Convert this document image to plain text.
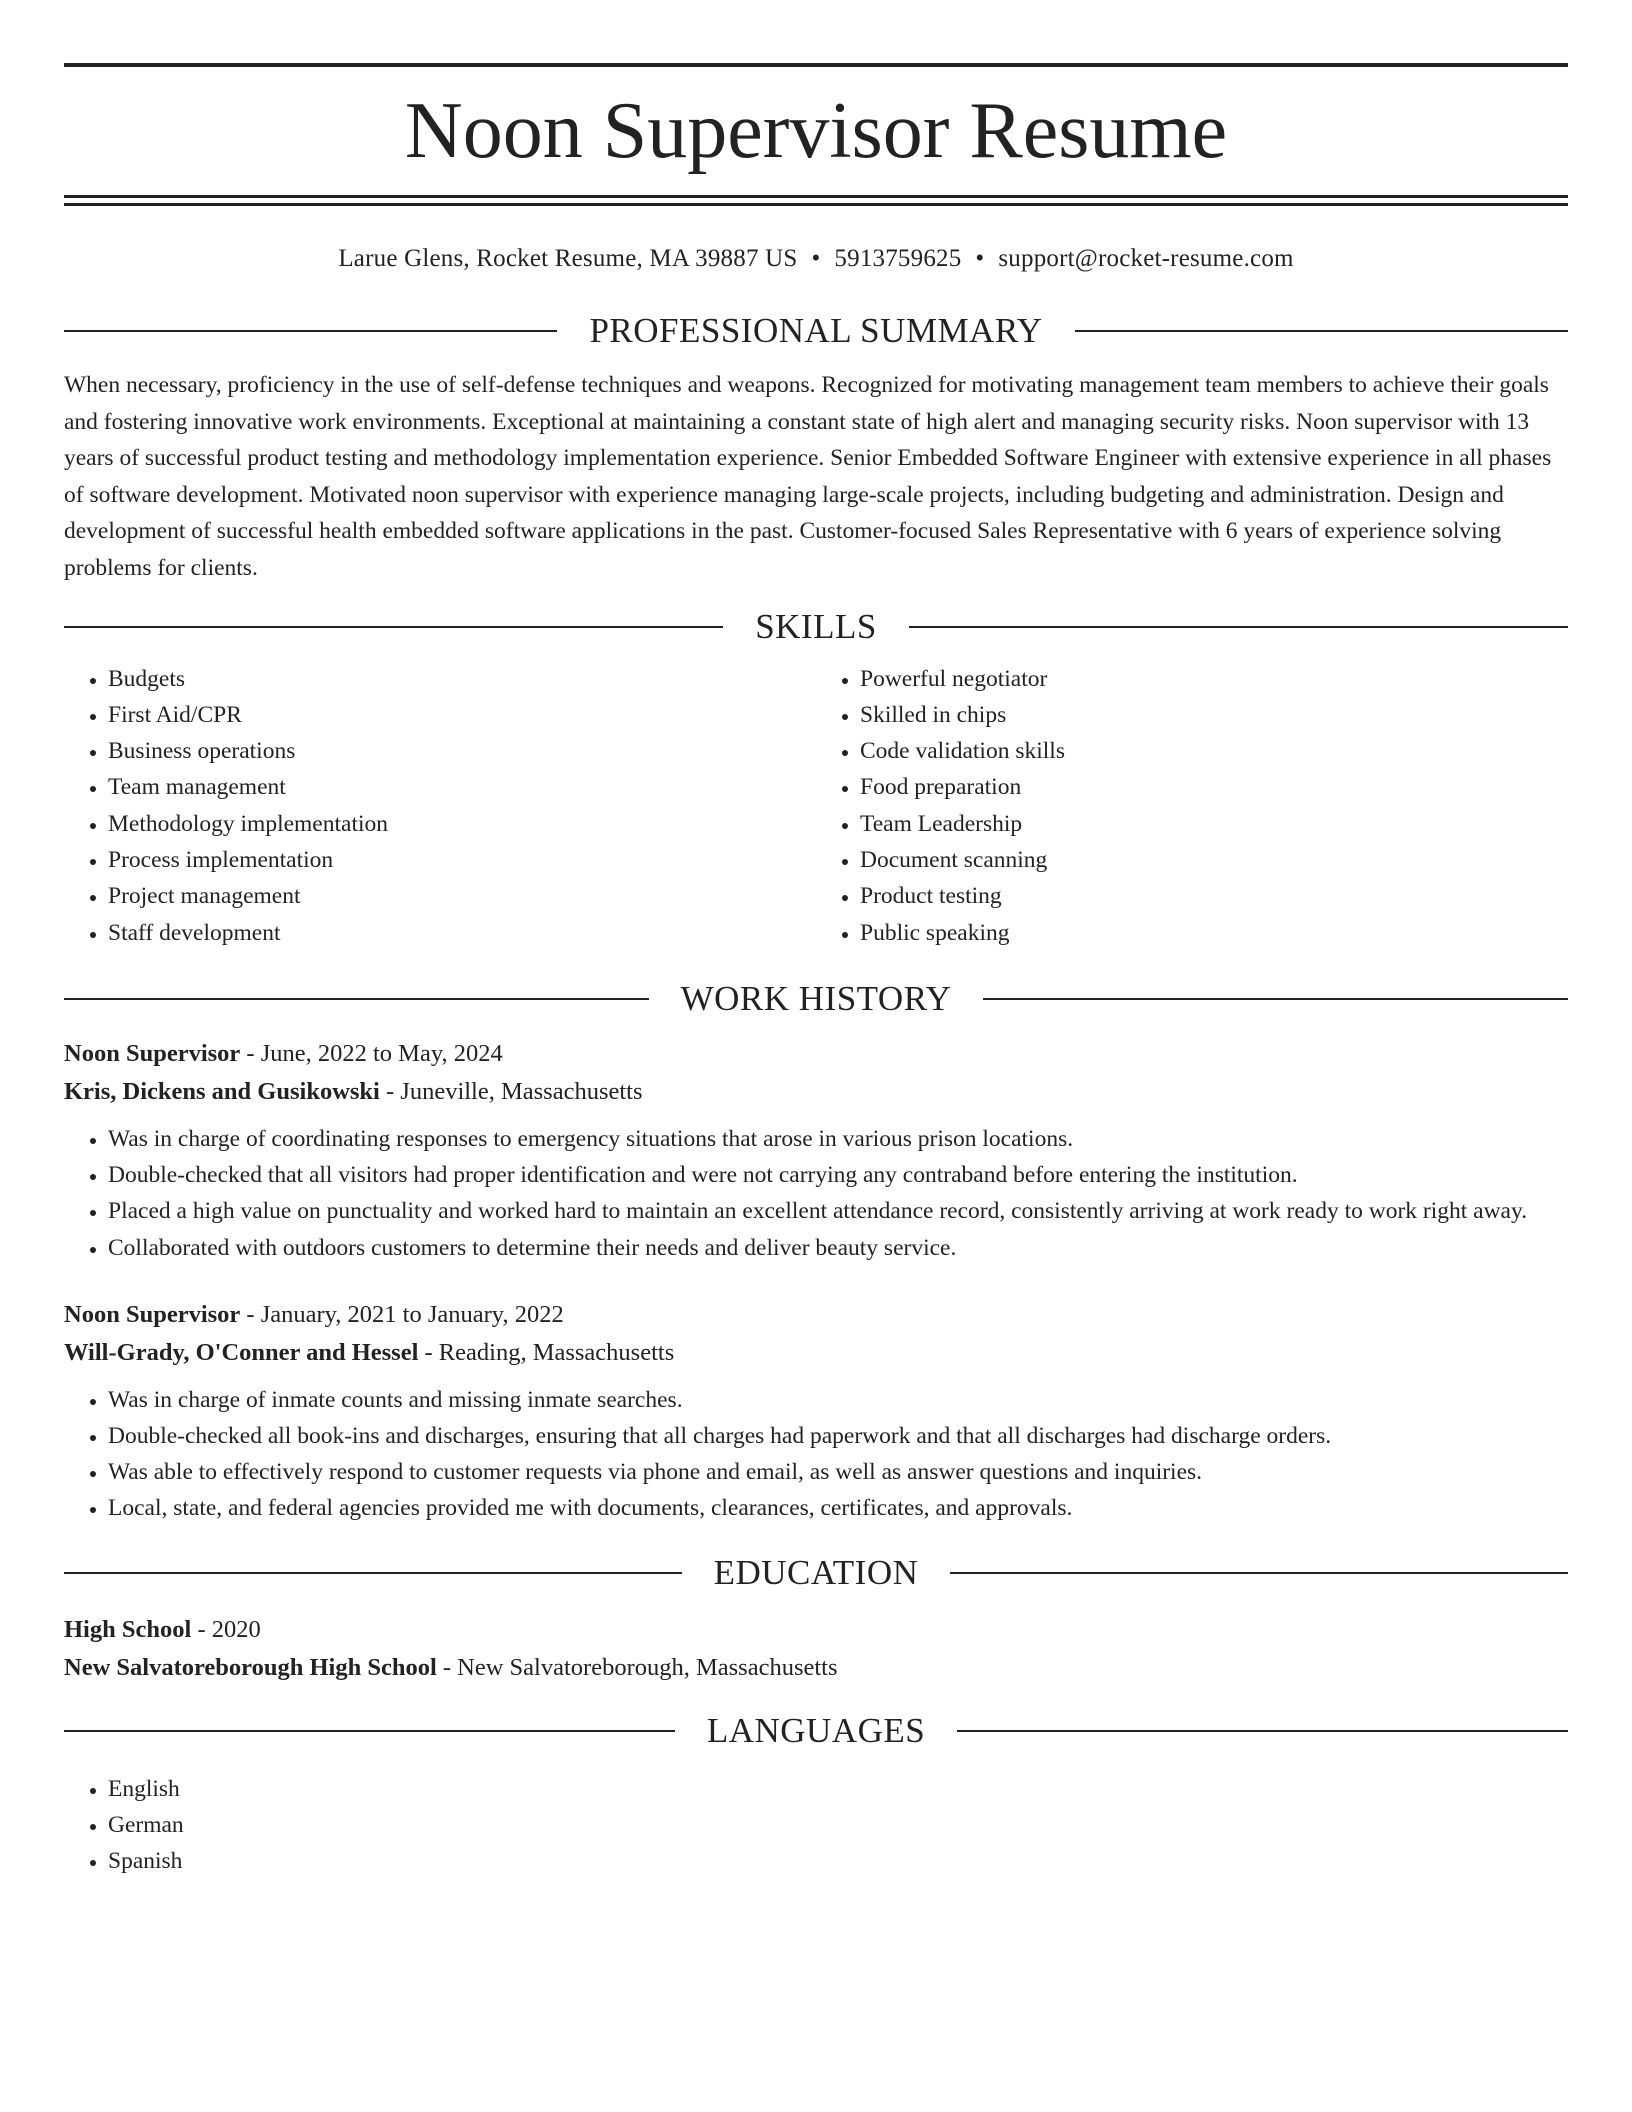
Noon Supervisor Resume
Larue Glens, Rocket Resume, MA 39887 US • 5913759625 • support@rocket-resume.com
PROFESSIONAL SUMMARY

When necessary, proficiency in the use of self-defense techniques and weapons. Recognized for motivating management team members to achieve their goals and fostering innovative work environments. Exceptional at maintaining a constant state of high alert and managing security risks. Noon supervisor with 13 years of successful product testing and methodology implementation experience. Senior Embedded Software Engineer with extensive experience in all phases of software development. Motivated noon supervisor with experience managing large-scale projects, including budgeting and administration. Design and development of successful health embedded software applications in the past. Customer-focused Sales Representative with 6 years of experience solving problems for clients.

SKILLS
• Budgets
• First Aid/CPR
• Business operations
• Team management
• Methodology implementation
• Process implementation
• Project management
• Staff development
• Powerful negotiator
• Skilled in chips
• Code validation skills
• Food preparation
• Team Leadership
• Document scanning
• Product testing
• Public speaking
WORK HISTORY
Noon Supervisor - June, 2022 to May, 2024
Kris, Dickens and Gusikowski - Juneville, Massachusetts
• Was in charge of coordinating responses to emergency situations that arose in various prison locations.
• Double-checked that all visitors had proper identification and were not carrying any contraband before entering the institution.
• Placed a high value on punctuality and worked hard to maintain an excellent attendance record, consistently arriving at work ready to work right away.
• Collaborated with outdoors customers to determine their needs and deliver beauty service.
Noon Supervisor - January, 2021 to January, 2022
Will-Grady, O'Conner and Hessel - Reading, Massachusetts
• Was in charge of inmate counts and missing inmate searches.
• Double-checked all book-ins and discharges, ensuring that all charges had paperwork and that all discharges had discharge orders.
• Was able to effectively respond to customer requests via phone and email, as well as answer questions and inquiries.
• Local, state, and federal agencies provided me with documents, clearances, certificates, and approvals.
EDUCATION
High School - 2020
New Salvatoreborough High School - New Salvatoreborough, Massachusetts
LANGUAGES
• English
• German
• Spanish
